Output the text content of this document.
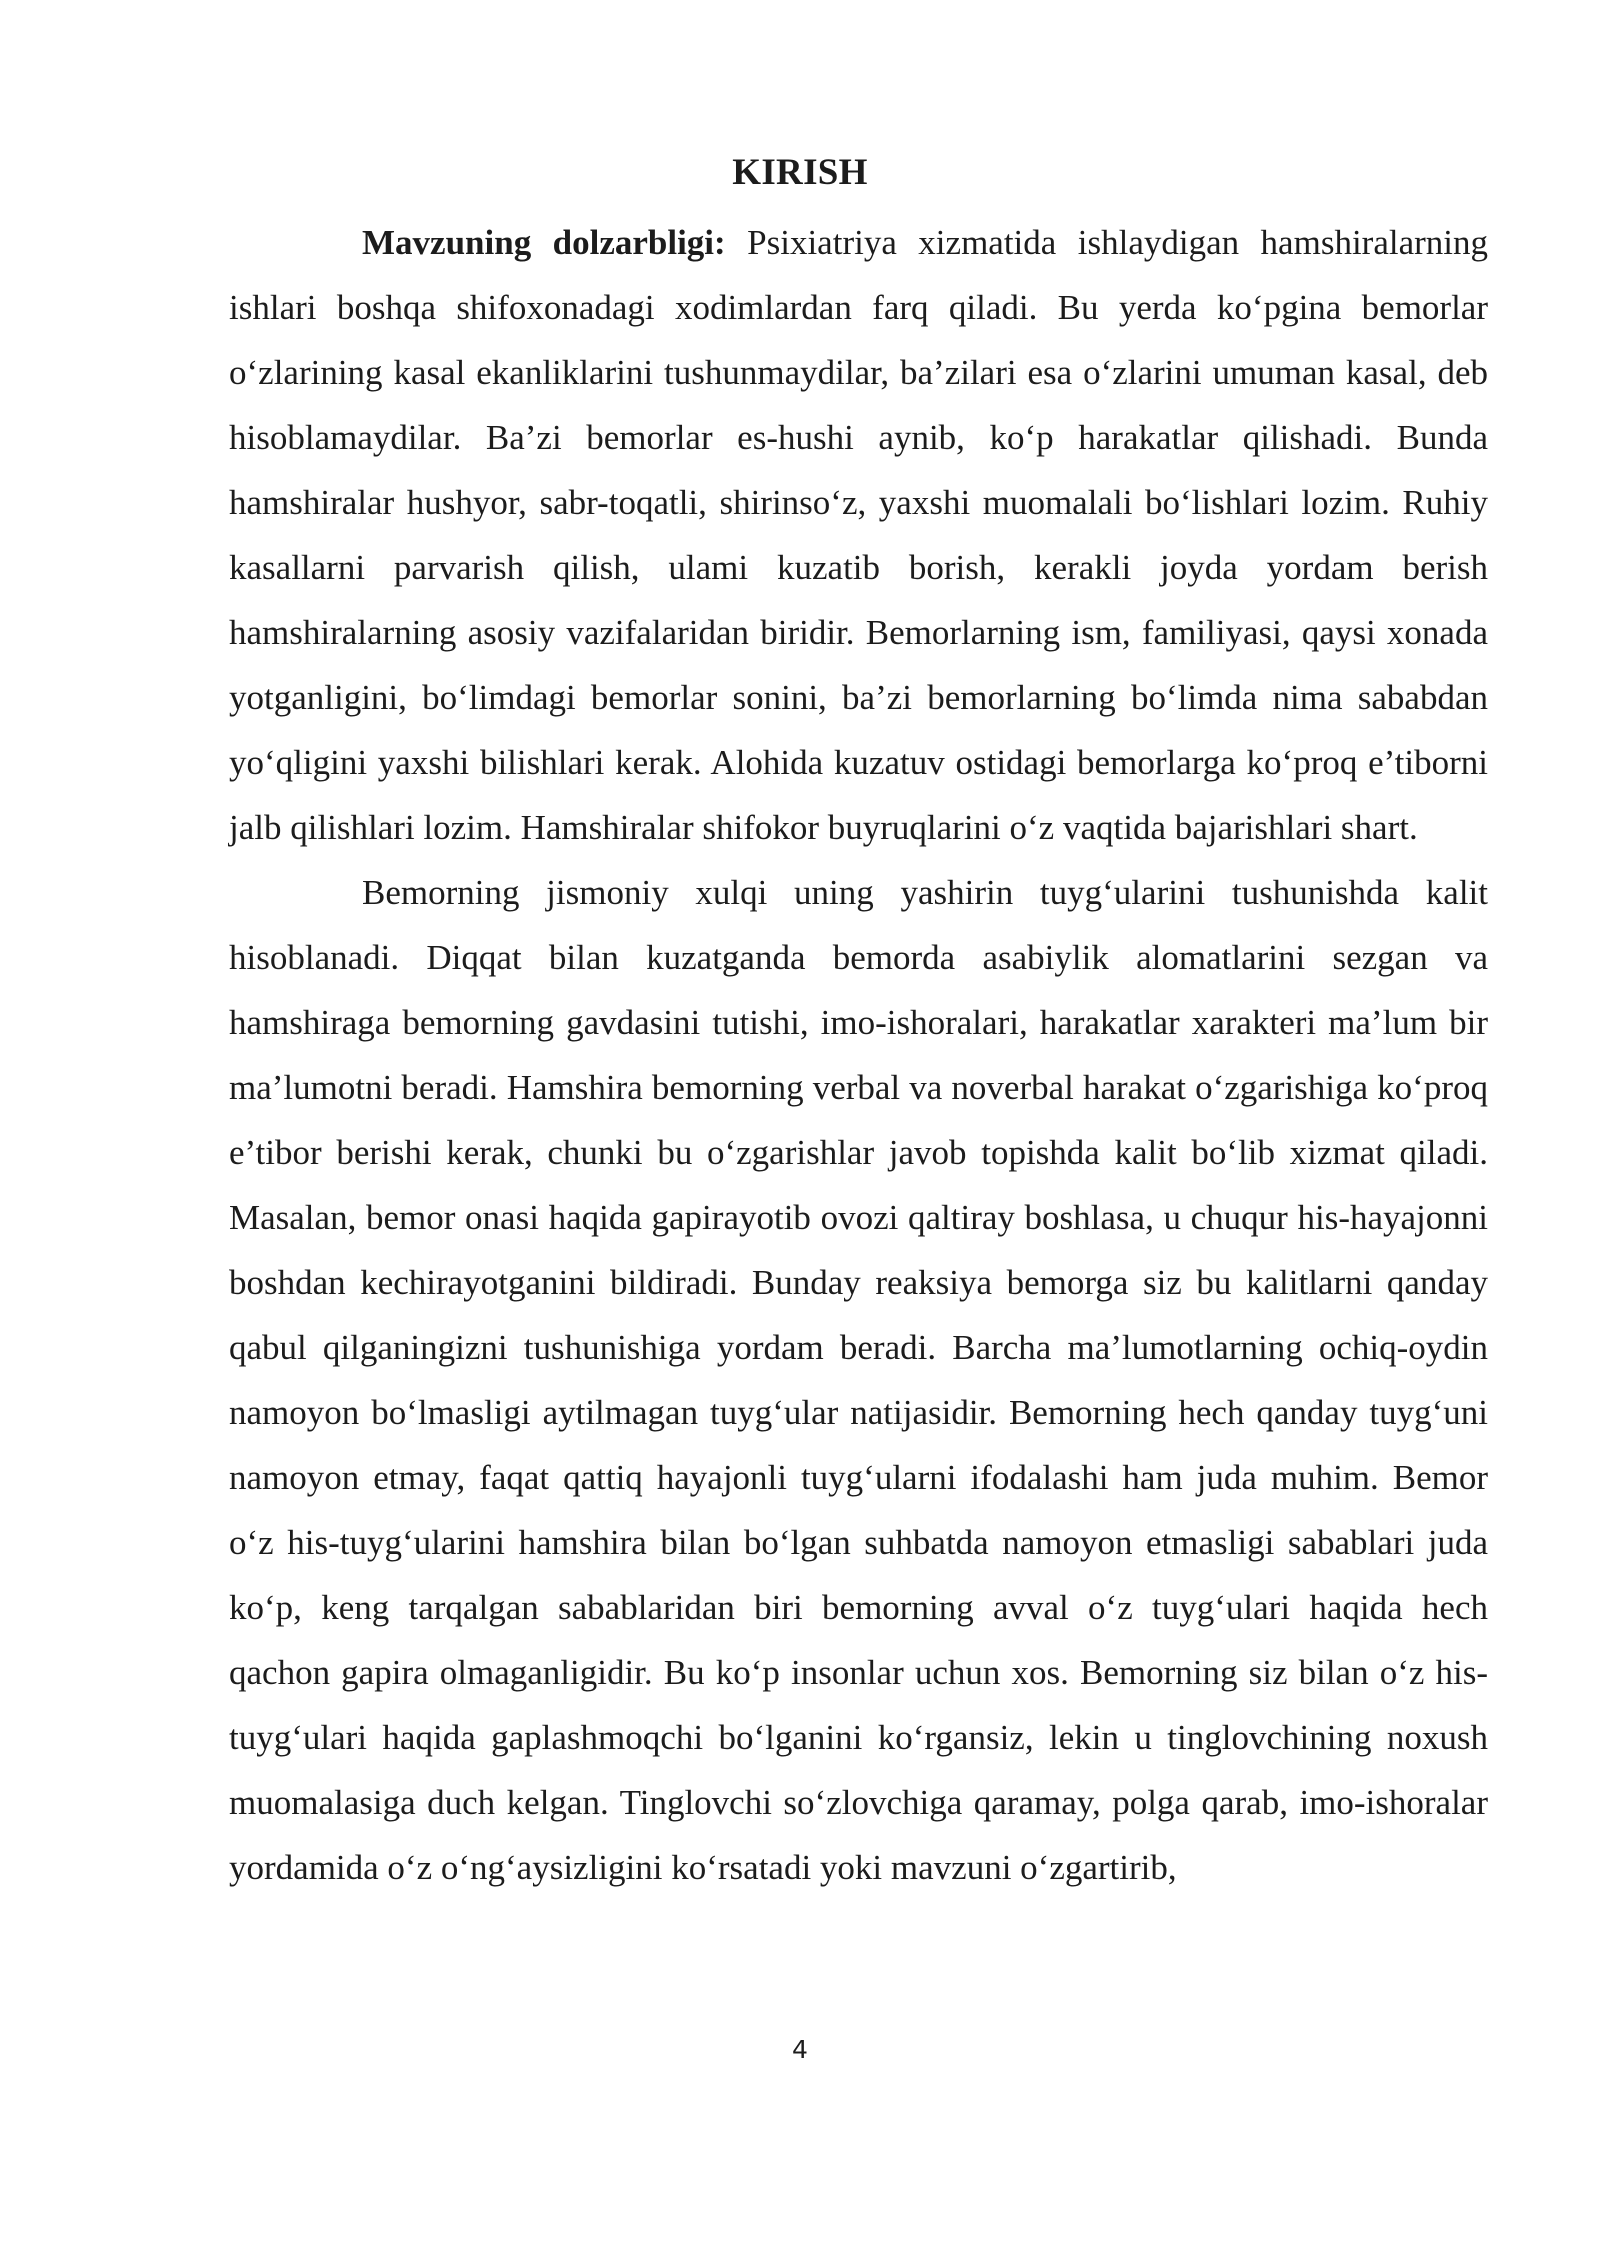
KIRISH

Mavzuning dolzarbligi: Psixiatriya xizmatida ishlaydigan hamshiralarning ishlari boshqa shifoxonadagi xodimlardan farq qiladi. Bu yerda ko‘pgina bemorlar o‘zlarining kasal ekanliklarini tushunmaydilar, ba’zilari esa o‘zlarini umuman kasal, deb hisoblamaydilar. Ba’zi bemorlar es-hushi aynib, ko‘p harakatlar qilishadi. Bunda hamshiralar hushyor, sabr-toqatli, shirinso‘z, yaxshi muomalali bo‘lishlari lozim. Ruhiy kasallarni parvarish qilish, ulami kuzatib borish, kerakli joyda yordam berish hamshiralarning asosiy vazifalaridan biridir. Bemorlarning ism, familiyasi, qaysi xonada yotganligini, bo‘limdagi bemorlar sonini, ba’zi bemorlarning bo‘limda nima sababdan yo‘qligini yaxshi bilishlari kerak. Alohida kuzatuv ostidagi bemorlarga ko‘proq e’tiborni jalb qilishlari lozim. Hamshiralar shifokor buyruqlarini o‘z vaqtida bajarishlari shart.

Bemorning jismoniy xulqi uning yashirin tuyg‘ularini tushunishda kalit hisoblanadi. Diqqat bilan kuzatganda bemorda asabiylik alomatlarini sezgan va hamshiraga bemorning gavdasini tutishi, imo-ishoralari, harakatlar xarakteri ma’lum bir ma’lumotni beradi. Hamshira bemorning verbal va noverbal harakat o‘zgarishiga ko‘proq e’tibor berishi kerak, chunki bu o‘zgarishlar javob topishda kalit bo‘lib xizmat qiladi. Masalan, bemor onasi haqida gapirayotib ovozi qaltiray boshlasa, u chuqur his-hayajonni boshdan kechirayotganini bildiradi. Bunday reaksiya bemorga siz bu kalitlarni qanday qabul qilganingizni tushunishiga yordam beradi. Barcha ma’lumotlarning ochiq-oydin namoyon bo‘lmasligi aytilmagan tuyg‘ular natijasidir. Bemorning hech qanday tuyg‘uni namoyon etmay, faqat qattiq hayajonli tuyg‘ularni ifodalashi ham juda muhim. Bemor o‘z his-tuyg‘ularini hamshira bilan bo‘lgan suhbatda namoyon etmasligi sabablari juda ko‘p, keng tarqalgan sabablaridan biri bemorning avval o‘z tuyg‘ulari haqida hech qachon gapira olmaganligidir. Bu ko‘p insonlar uchun xos. Bemorning siz bilan o‘z his-tuyg‘ulari haqida gaplashmoqchi bo‘lganini ko‘rgansiz, lekin u tinglovchining noxush muomalasiga duch kelgan. Tinglovchi so‘zlovchiga qaramay, polga qarab, imo-ishoralar yordamida o‘z o‘ng‘aysizligini ko‘rsatadi yoki mavzuni o‘zgartirib,

4
